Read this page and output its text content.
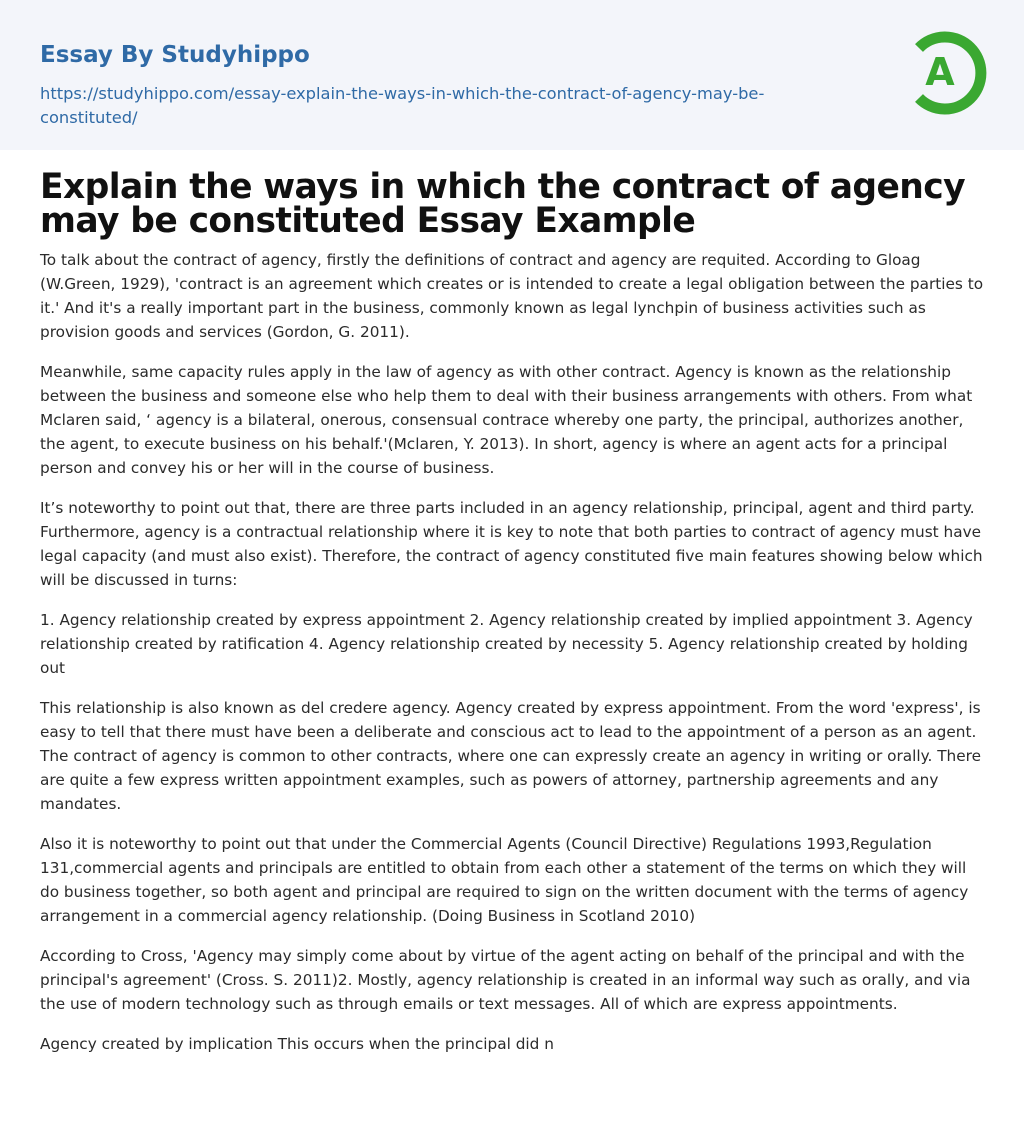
Essay By Studyhippo
https://studyhippo.com/essay-explain-the-ways-in-which-the-contract-of-agency-may-be-
constituted/
A
Explain the ways in which the contract of agency
may be constituted Essay Example

To talk about the contract of agency, firstly the definitions of contract and agency are requited. According to Gloag (W.Green, 1929), 'contract is an agreement which creates or is intended to create a legal obligation between the parties to it.' And it's a really important part in the business, commonly known as legal lynchpin of business activities such as provision goods and services (Gordon, G. 2011).

Meanwhile, same capacity rules apply in the law of agency as with other contract. Agency is known as the relationship between the business and someone else who help them to deal with their business arrangements with others. From what Mclaren said, ‘ agency is a bilateral, onerous, consensual contrace whereby one party, the principal, authorizes another, the agent, to execute business on his behalf.'(Mclaren, Y. 2013). In short, agency is where an agent acts for a principal person and convey his or her will in the course of business.

It’s noteworthy to point out that, there are three parts included in an agency relationship, principal, agent and third party. Furthermore, agency is a contractual relationship where it is key to note that both parties to contract of agency must have legal capacity (and must also exist). Therefore, the contract of agency constituted five main features showing below which will be discussed in turns:

1. Agency relationship created by express appointment 2. Agency relationship created by implied appointment 3. Agency relationship created by ratification 4. Agency relationship created by necessity 5. Agency relationship created by holding out

This relationship is also known as del credere agency. Agency created by express appointment. From the word 'express', is easy to tell that there must have been a deliberate and conscious act to lead to the appointment of a person as an agent. The contract of agency is common to other contracts, where one can expressly create an agency in writing or orally. There are quite a few express written appointment examples, such as powers of attorney, partnership agreements and any mandates.

Also it is noteworthy to point out that under the Commercial Agents (Council Directive) Regulations 1993,Regulation 131,commercial agents and principals are entitled to obtain from each other a statement of the terms on which they will do business together, so both agent and principal are required to sign on the written document with the terms of agency arrangement in a commercial agency relationship. (Doing Business in Scotland 2010)

According to Cross, 'Agency may simply come about by virtue of the agent acting on behalf of the principal and with the principal's agreement' (Cross. S. 2011)2. Mostly, agency relationship is created in an informal way such as orally, and via the use of modern technology such as through emails or text messages. All of which are express appointments.

Agency created by implication This occurs when the principal did n
